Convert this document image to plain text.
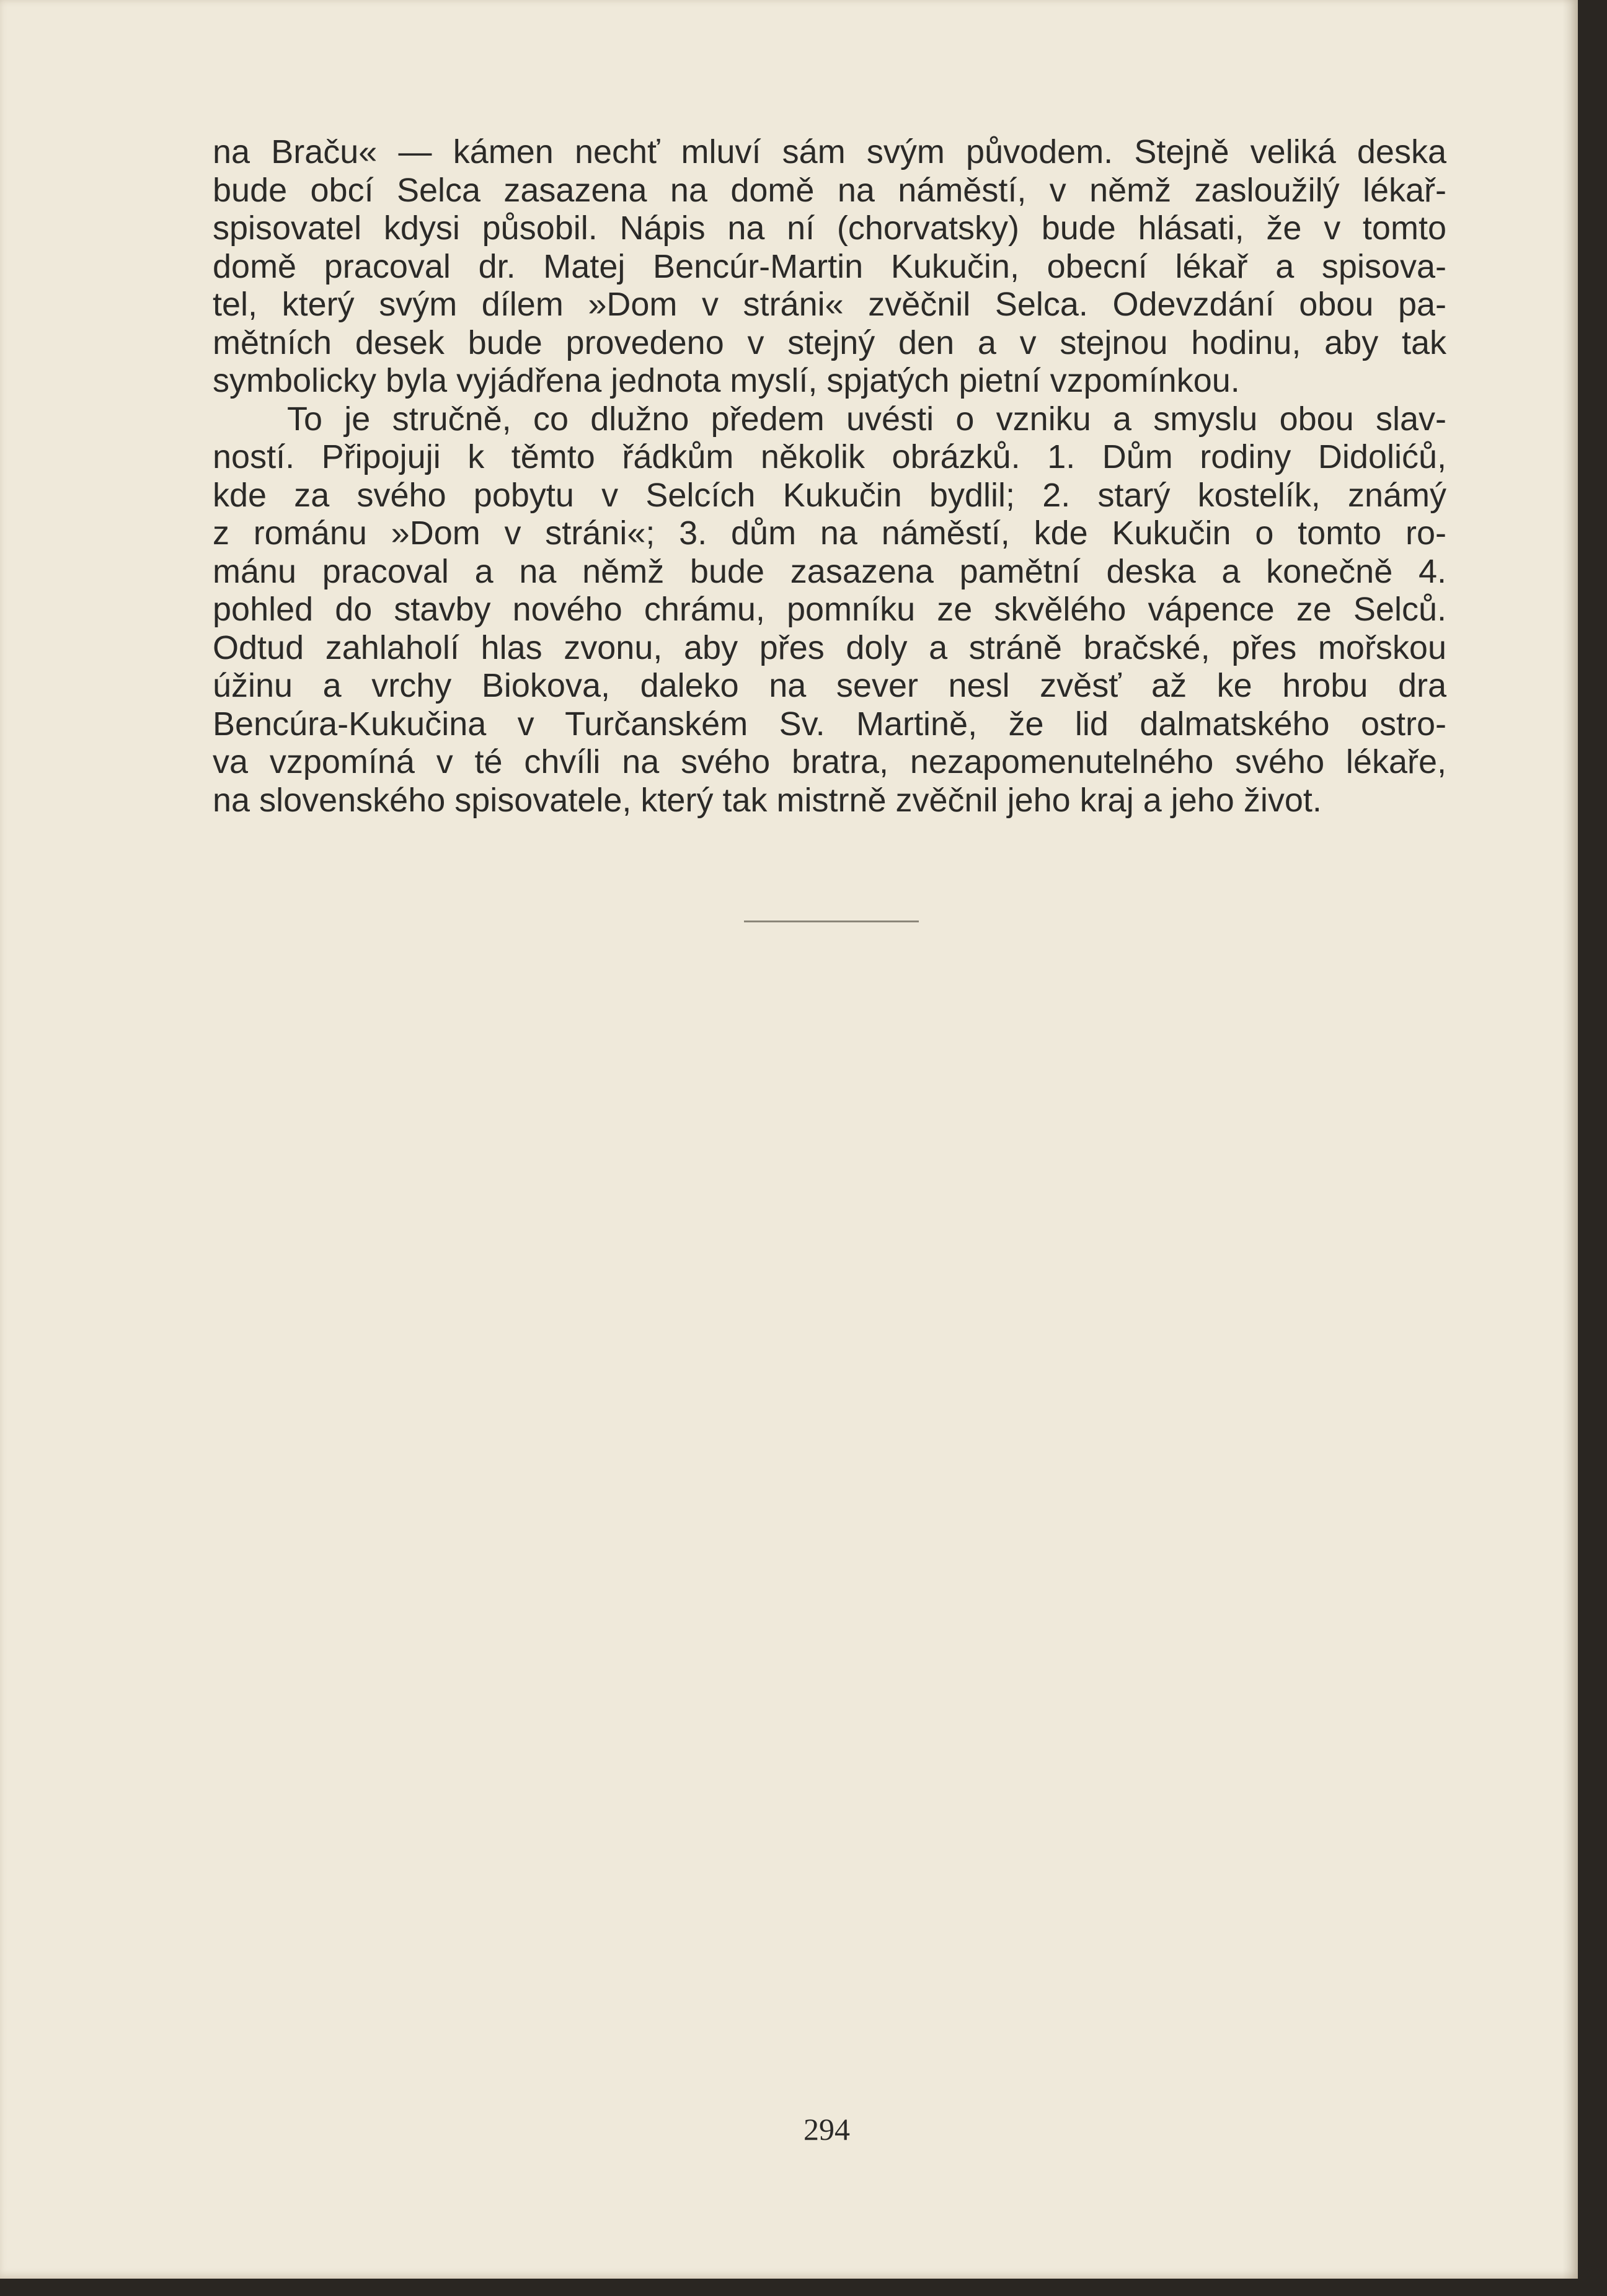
na Braču« — kámen nechť mluví sám svým původem. Stejně veliká deska
bude obcí Selca zasazena na domě na náměstí, v němž zasloužilý lékař-
spisovatel kdysi působil. Nápis na ní (chorvatsky) bude hlásati, že v tomto
domě pracoval dr. Matej Bencúr-Martin Kukučin, obecní lékař a spisova-
tel, který svým dílem »Dom v stráni« zvěčnil Selca. Odevzdání obou pa-
mětních desek bude provedeno v stejný den a v stejnou hodinu, aby tak
symbolicky byla vyjádřena jednota myslí, spjatých pietní vzpomínkou.
To je stručně, co dlužno předem uvésti o vzniku a smyslu obou slav-
ností. Připojuji k těmto řádkům několik obrázků. 1. Dům rodiny Didolićů,
kde za svého pobytu v Selcích Kukučin bydlil; 2. starý kostelík, známý
z románu »Dom v stráni«; 3. dům na náměstí, kde Kukučin o tomto ro-
mánu pracoval a na němž bude zasazena pamětní deska a konečně 4.
pohled do stavby nového chrámu, pomníku ze skvělého vápence ze Selců.
Odtud zahlaholí hlas zvonu, aby přes doly a stráně bračské, přes mořskou
úžinu a vrchy Biokova, daleko na sever nesl zvěsť až ke hrobu dra
Bencúra-Kukučina v Turčanském Sv. Martině, že lid dalmatského ostro-
va vzpomíná v té chvíli na svého bratra, nezapomenutelného svého lékaře,
na slovenského spisovatele, který tak mistrně zvěčnil jeho kraj a jeho život.
294
